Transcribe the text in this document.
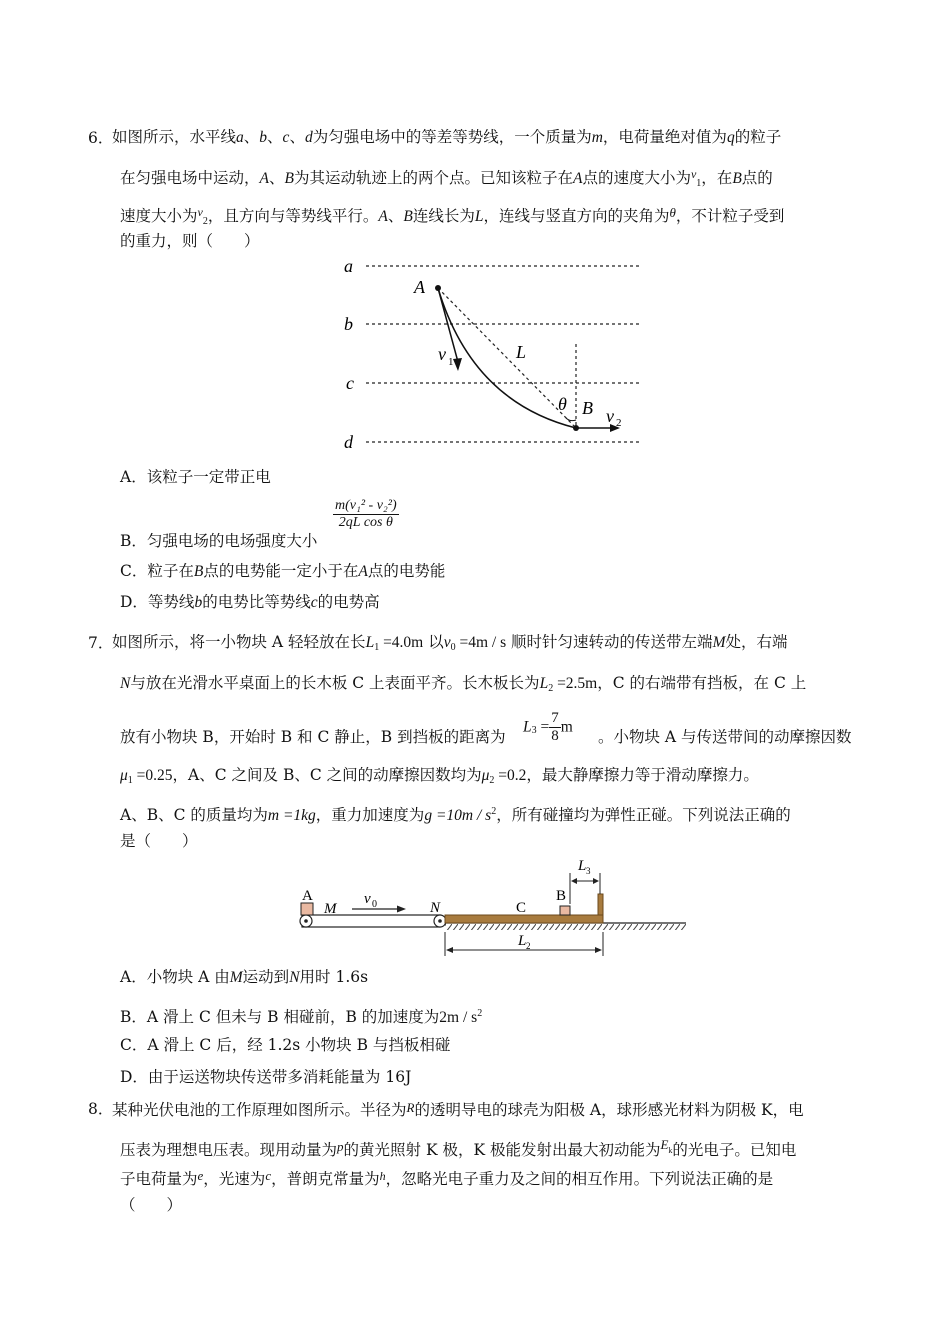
6．
如图所示，水平线a、b、c、d为匀强电场中的等差等势线，一个质量为m，电荷量绝对值为q的粒子
在匀强电场中运动，A、B为其运动轨迹上的两个点。已知该粒子在A点的速度大小为$^v_1$，在B点的
速度大小为$^v_2$，且方向与等势线平行。A、B连线长为L，连线与竖直方向的夹角为$^\theta$，不计粒子受到
的重力，则（　　）
a
b
c
d
A
B
L
θ
v 1
v 2
A．该粒子一定带正电
B．匀强电场的电场强度大小
$\frac{\text{m(v₁² - v₂²)}}{\text{2qL cos θ}}$
C．粒子在B点的电势能一定小于在A点的电势能
D．等势线b的电势比等势线c的电势高
7．
如图所示，将一小物块 A 轻轻放在长$L_1 =4.0m$ 以$v_0 =4m / s$ 顺时针匀速转动的传送带左端M处，右端
N与放在光滑水平桌面上的长木板 C 上表面平齐。长木板长为$L_2 =2.5m$，C 的右端带有挡板，在 C 上
放有小物块 B，开始时 B 和 C 静止，B 到挡板的距离为
$L_3 = \frac{7}{8}$ m
。小物块 A 与传送带间的动摩擦因数
$\mu_1 =0.25$，A、C 之间及 B、C 之间的动摩擦因数均为$\mu_2 =0.2$，最大静摩擦力等于滑动摩擦力。
A、B、C 的质量均为m =1kg，重力加速度为$g =10m / s^2$，所有碰撞均为弹性正碰。下列说法正确的
是（　　）
A
M
v 0	N	C
B
L 3
L 2
A．小物块 A 由M运动到N用时 1.6s
B．A 滑上 C 但未与 B 相碰前，B 的加速度为$2m / s^2$
C．A 滑上 C 后，经 1.2s 小物块 B 与挡板相碰
D．由于运送物块传送带多消耗能量为 16J
8．
某种光伏电池的工作原理如图所示。半径为R的透明导电的球壳为阳极 A，球形感光材料为阴极 K，电
压表为理想电压表。现用动量为$^p$的黄光照射 K 极，K 极能发射出最大初动能为$^{Ek}$的光电子。已知电
子电荷量为$^e$，光速为$^c$，普朗克常量为$^h$，忽略光电子重力及之间的相互作用。下列说法正确的是
（　　）
